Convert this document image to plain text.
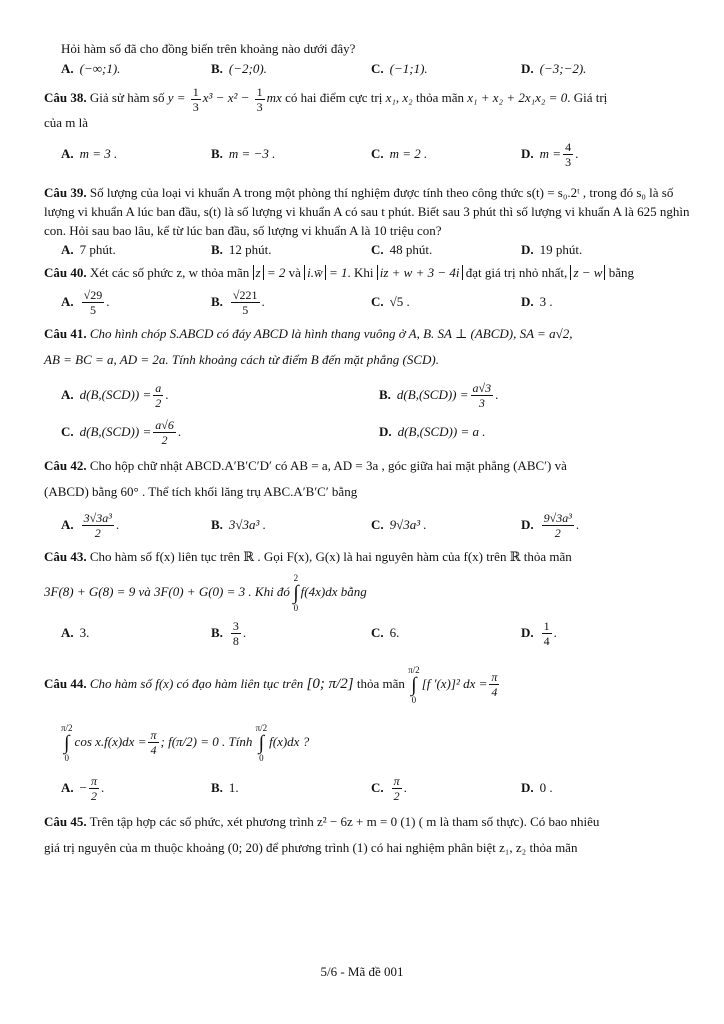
Hỏi hàm số đã cho đồng biến trên khoảng nào dưới đây?

A. (−∞;1).	B. (−2;0).	C. (−1;1).	D. (−3;−2).

Câu 38. Giả sử hàm số $y = \frac{1}{3} x^3 - x^2 - \frac{1}{3}$ mx có hai điểm cực trị x₁, x₂ thỏa mãn x₁ + x₂ + 2x₁x₂ = 0. Giá trị

của m là

A. m = 3 .	B. m = −3 .	C. m = 2 .	D. $m = \frac{4}{3}$ .

Câu 39. Số lượng của loại vi khuẩn A trong một phòng thí nghiệm được tính theo công thức s(t) = s₀.2ᵗ , trong đó s₀ là số lượng vi khuẩn A lúc ban đầu, s(t) là số lượng vi khuẩn A có sau t phút. Biết sau 3 phút thì số lượng vi khuẩn A là 625 nghìn con. Hỏi sau bao lâu, kể từ lúc ban đầu, số lượng vi khuẩn A là 10 triệu con?

A. 7 phút.	B. 12 phút.	C. 48 phút.	D. 19 phút.

Câu 40. Xét các số phức z, w thỏa mãn z = 2 và i.w̄ = 1. Khi iz + w + 3 − 4i đạt giá trị nhỏ nhất, z − w bằng

A. $\frac{√29}{5}$ .	B. $\frac{√221}{5}$ .	C. √5 .	D. 3 .

Câu 41. Cho hình chóp S.ABCD có đáy ABCD là hình thang vuông ở A, B. SA ⊥ (ABCD), SA = a√2,

AB = BC = a, AD = 2a. Tính khoảng cách từ điểm B đến mặt phẳng (SCD).

A. $d(B,(SCD)) = \frac{a}{2}$ .	B. $d(B,(SCD)) = \frac{a√3}{3}$ .
C. $d(B,(SCD)) = \frac{a√6}{2}$ .	D. d(B,(SCD)) = a .

Câu 42. Cho hộp chữ nhật ABCD.A′B′C′D′ có AB = a, AD = 3a , góc giữa hai mặt phẳng (ABC′) và

(ABCD) bằng 60° . Thể tích khối lăng trụ ABC.A′B′C′ bằng

A. $\frac{\text{3√3a³}}{2}$ .	B. 3√3a³ .	C. 9√3a³ .	D. $\frac{\text{9√3a³}}{2}$ .

Câu 43. Cho hàm số f(x) liên tục trên ℝ . Gọi F(x), G(x) là hai nguyên hàm của f(x) trên ℝ thỏa mãn

3F(8) + G(8) = 9 và 3F(0) + G(0) = 3 . Khi đó
2
∫
0
f(4x)dx bằng

A. 3.	B. $\frac{3}{8}$ .	C. 6.	D. $\frac{1}{4}$ .

Câu 44. Cho hàm số f(x) có đạo hàm liên tục trên [0; π/2] thỏa mãn
π/2
∫
0
[f ′(x)]² dx = $\frac{\pi}{4}$

π/2
∫
0
$\cos x.f(x)dx = \frac{\pi}{4}$ ; f(π/2) = 0 . Tính
π/2
∫
0
f(x)dx ?

A. − $\frac{\pi}{2}$ .	B. 1.	C. $\frac{\pi}{2}$ .	D. 0 .

Câu 45. Trên tập hợp các số phức, xét phương trình z² − 6z + m = 0 (1) ( m là tham số thực). Có bao nhiêu

giá trị nguyên của m thuộc khoảng (0; 20) để phương trình (1) có hai nghiệm phân biệt z₁, z₂ thỏa mãn

5/6 - Mã đề 001
